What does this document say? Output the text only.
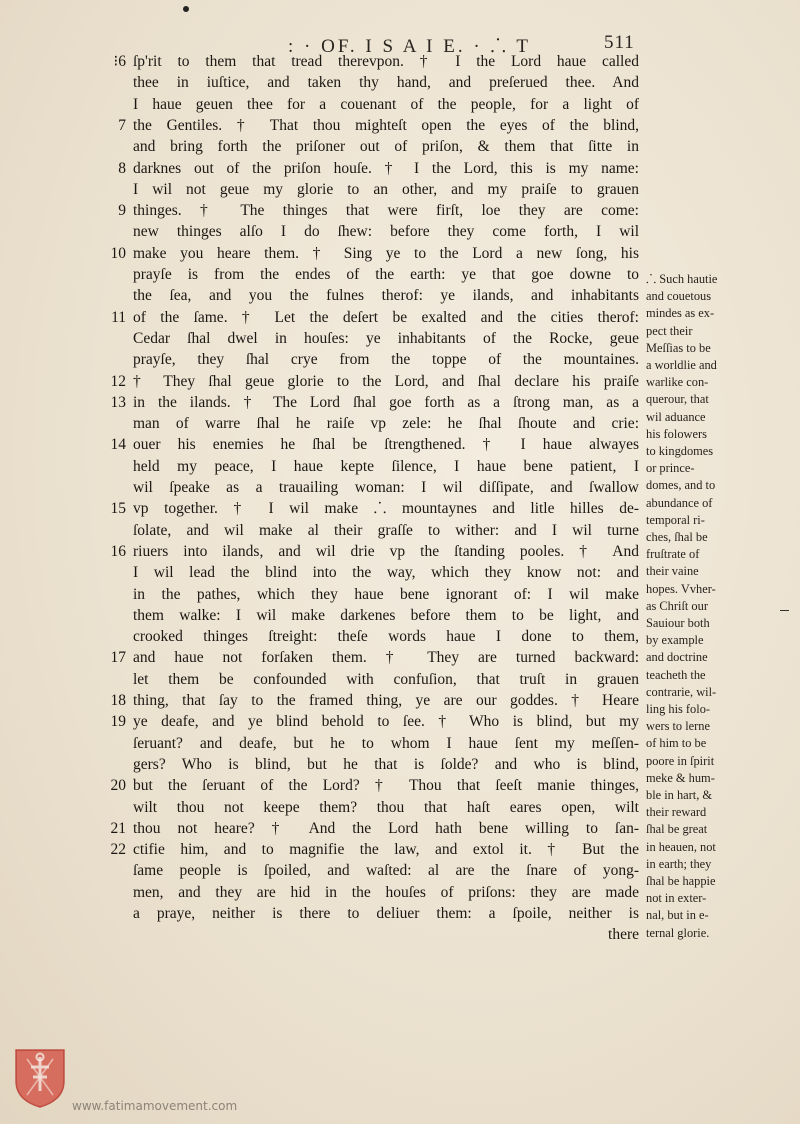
: · OF. I S A I E. · ⸫ T	511
⁝6
7
8
9
10
11
12
13
14
15
16
17
18
19
20
21
22
ſp'rit to them that tread therevpon. † I the Lord haue called
thee in iuſtice, and taken thy hand, and preſerued thee. And
I haue geuen thee for a couenant of the people, for a light of
the Gentiles. † That thou mighteſt open the eyes of the blind,
and bring forth the priſoner out of priſon, & them that ſitte in
darknes out of the priſon houſe. † I the Lord, this is my name:
I wil not geue my glorie to an other, and my praiſe to grauen
thinges. † The thinges that were firſt, loe they are come:
new thinges alſo I do ſhew: before they come forth, I wil
make you heare them. † Sing ye to the Lord a new ſong, his
prayſe is from the endes of the earth: ye that goe downe to
the ſea, and you the fulnes therof: ye ilands, and inhabitants
of the ſame. † Let the deſert be exalted and the cities therof:
Cedar ſhal dwel in houſes: ye inhabitants of the Rocke, geue
prayſe, they ſhal crye from the toppe of the mountaines.
† They ſhal geue glorie to the Lord, and ſhal declare his praiſe
in the ilands. † The Lord ſhal goe forth as a ſtrong man, as a
man of warre ſhal he raiſe vp zele: he ſhal ſhoute and crie:
ouer his enemies he ſhal be ſtrengthened. † I haue alwayes
held my peace, I haue kepte ſilence, I haue bene patient, I
wil ſpeake as a trauailing woman: I wil diſſipate, and ſwallow
vp together. † I wil make ⸫ mountaynes and litle hilles de-
ſolate, and wil make al their graſſe to wither: and I wil turne
riuers into ilands, and wil drie vp the ſtanding pooles. † And
I wil lead the blind into the way, which they know not: and
in the pathes, which they haue bene ignorant of: I wil make
them walke: I wil make darkenes before them to be light, and
crooked thinges ſtreight: theſe words haue I done to them,
and haue not forſaken them. † They are turned backward:
let them be confounded with confuſion, that truſt in grauen
thing, that ſay to the framed thing, ye are our goddes. † Heare
ye deafe, and ye blind behold to ſee. † Who is blind, but my
ſeruant? and deafe, but he to whom I haue ſent my meſſen-
gers? Who is blind, but he that is ſolde? and who is blind,
but the ſeruant of the Lord? † Thou that ſeeſt manie thinges,
wilt thou not keepe them? thou that haſt eares open, wilt
thou not heare? † And the Lord hath bene willing to ſan-
ctifie him, and to magnifie the law, and extol it. † But the
ſame people is ſpoiled, and waſted: al are the ſnare of yong-
men, and they are hid in the houſes of priſons: they are made
a praye, neither is there to deliuer them: a ſpoile, neither is
there
⸫ Such hautie
and couetous
mindes as ex-
pect their
Meſſias to be
a worldlie and
warlike con-
querour, that
wil aduance
his folowers
to kingdomes
or prince-
domes, and to
abundance of
temporal ri-
ches, ſhal be
fruſtrate of
their vaine
hopes. Vvher-
as Chriſt our
Sauiour both
by example
and doctrine
teacheth the
contrarie, wil-
ling his folo-
wers to lerne
of him to be
poore in ſpirit
meke & hum-
ble in hart, &
their reward
ſhal be great
in heauen, not
in earth; they
ſhal be happie
not in exter-
nal, but in e-
ternal glorie.
www.fatimamovement.com
